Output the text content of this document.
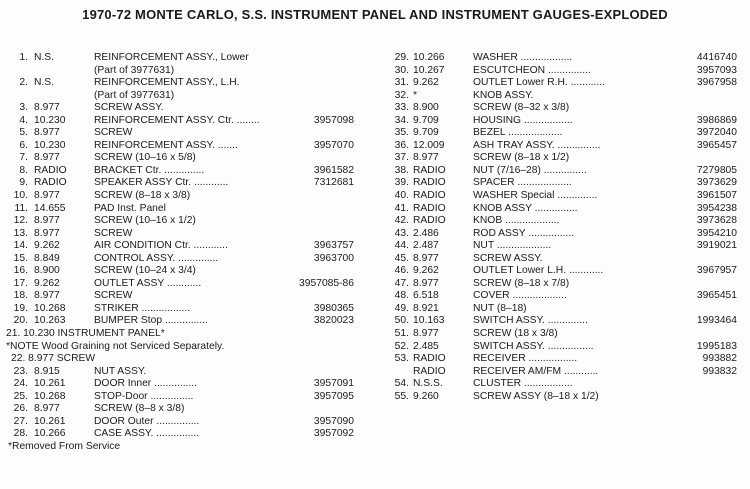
1970-72 MONTE CARLO, S.S. INSTRUMENT PANEL AND INSTRUMENT GAUGES-EXPLODED
1. N.S.	REINFORCEMENT ASSY., Lower
(Part of 3977631)
2. N.S.	REINFORCEMENT ASSY., L.H.
(Part of 3977631)
3. 8.977	SCREW ASSY.
4. 10.230	REINFORCEMENT ASSY. Ctr. ........	3957098
5. 8.977	SCREW
6. 10.230	REINFORCEMENT ASSY. .......	3957070
7. 8.977	SCREW (10–16 x 5/8)
8. RADIO	BRACKET Ctr. ..............	3961582
9. RADIO	SPEAKER ASSY Ctr. ............	7312681
10. 8.977	SCREW (8–18 x 3/8)
11. 14.655	PAD Inst. Panel
12. 8.977	SCREW (10–16 x 1/2)
13. 8.977	SCREW
14. 9.262	AIR CONDITION Ctr. ............	3963757
15. 8.849	CONTROL ASSY. ..............	3963700
16. 8.900	SCREW (10–24 x 3/4)
17. 9.262	OUTLET ASSY ............	3957085-86
18. 8.977	SCREW
19. 10.268	STRIKER .................	3980365
20. 10.263	BUMPER Stop ...............	3820023
21. 10.230 INSTRUMENT PANEL*
*NOTE Wood Graining not Serviced Separately.
22. 8.977 SCREW
23. 8.915	NUT ASSY.
24. 10.261	DOOR Inner ...............	3957091
25. 10.268	STOP-Door ...............	3957095
26. 8.977	SCREW (8–8 x 3/8)
27. 10.261	DOOR Outer ...............	3957090
28. 10.266	CASE ASSY. ...............	3957092
*Removed From Service
29. 10.266	WASHER ..................	4416740
30. 10.267	ESCUTCHEON ...............	3957093
31. 9.262	OUTLET Lower R.H. ............	3967958
32. *	KNOB ASSY.
33. 8.900	SCREW (8–32 x 3/8)
34. 9.709	HOUSING .................	3986869
35. 9.709	BEZEL ...................	3972040
36. 12.009	ASH TRAY ASSY. ...............	3965457
37. 8.977	SCREW (8–18 x 1/2)
38. RADIO	NUT (7/16–28) ...............	7279805
39. RADIO	SPACER ...................	3973629
40. RADIO	WASHER Special ..............	3961507
41. RADIO	KNOB ASSY ...............	3954238
42. RADIO	KNOB ...................	3973628
43. 2.486	ROD ASSY ................	3954210
44. 2.487	NUT ...................	3919021
45. 8.977	SCREW ASSY.
46. 9.262	OUTLET Lower L.H. ............	3967957
47. 8.977	SCREW (8–18 x 7/8)
48. 6.518	COVER ...................	3965451
49. 8.921	NUT (8–18)
50. 10.163	SWITCH ASSY. ..............	1993464
51. 8.977	SCREW (18 x 3/8)
52. 2.485	SWITCH ASSY. ................	1995183
53. RADIO	RECEIVER .................	993882
RADIO	RECEIVER AM/FM ............	993832
54. N.S.S.	CLUSTER .................
55. 9.260	SCREW ASSY (8–18 x 1/2)
